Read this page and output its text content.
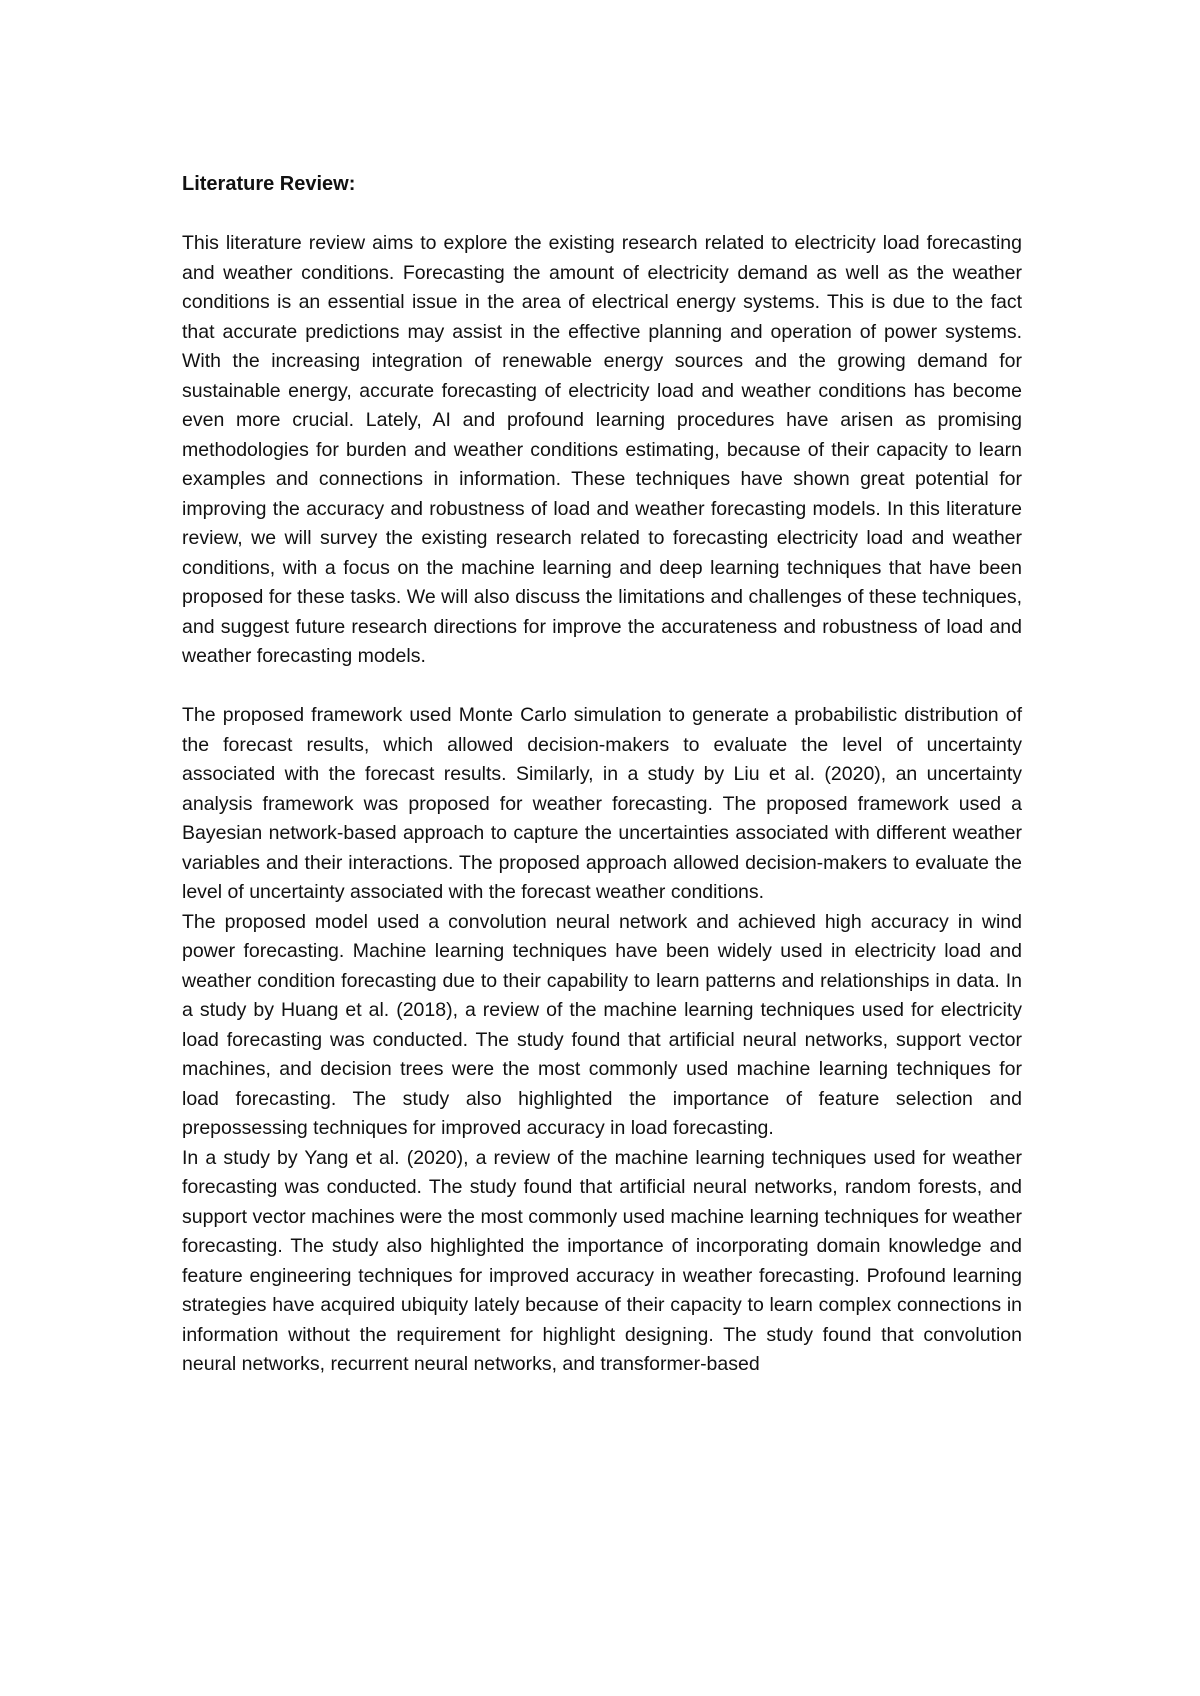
Literature Review:

This literature review aims to explore the existing research related to electricity load forecasting and weather conditions. Forecasting the amount of electricity demand as well as the weather conditions is an essential issue in the area of electrical energy systems. This is due to the fact that accurate predictions may assist in the effective planning and operation of power systems. With the increasing integration of renewable energy sources and the growing demand for sustainable energy, accurate forecasting of electricity load and weather conditions has become even more crucial. Lately, AI and profound learning procedures have arisen as promising methodologies for burden and weather conditions estimating, because of their capacity to learn examples and connections in information. These techniques have shown great potential for improving the accuracy and robustness of load and weather forecasting models. In this literature review, we will survey the existing research related to forecasting electricity load and weather conditions, with a focus on the machine learning and deep learning techniques that have been proposed for these tasks. We will also discuss the limitations and challenges of these techniques, and suggest future research directions for improve the accurateness and robustness of load and weather forecasting models.

The proposed framework used Monte Carlo simulation to generate a probabilistic distribution of the forecast results, which allowed decision-makers to evaluate the level of uncertainty associated with the forecast results. Similarly, in a study by Liu et al. (2020), an uncertainty analysis framework was proposed for weather forecasting. The proposed framework used a Bayesian network-based approach to capture the uncertainties associated with different weather variables and their interactions. The proposed approach allowed decision-makers to evaluate the level of uncertainty associated with the forecast weather conditions.

The proposed model used a convolution neural network and achieved high accuracy in wind power forecasting. Machine learning techniques have been widely used in electricity load and weather condition forecasting due to their capability to learn patterns and relationships in data. In a study by Huang et al. (2018), a review of the machine learning techniques used for electricity load forecasting was conducted. The study found that artificial neural networks, support vector machines, and decision trees were the most commonly used machine learning techniques for load forecasting. The study also highlighted the importance of feature selection and prepossessing techniques for improved accuracy in load forecasting.

In a study by Yang et al. (2020), a review of the machine learning techniques used for weather forecasting was conducted. The study found that artificial neural networks, random forests, and support vector machines were the most commonly used machine learning techniques for weather forecasting. The study also highlighted the importance of incorporating domain knowledge and feature engineering techniques for improved accuracy in weather forecasting. Profound learning strategies have acquired ubiquity lately because of their capacity to learn complex connections in information without the requirement for highlight designing. The study found that convolution neural networks, recurrent neural networks, and transformer-based
